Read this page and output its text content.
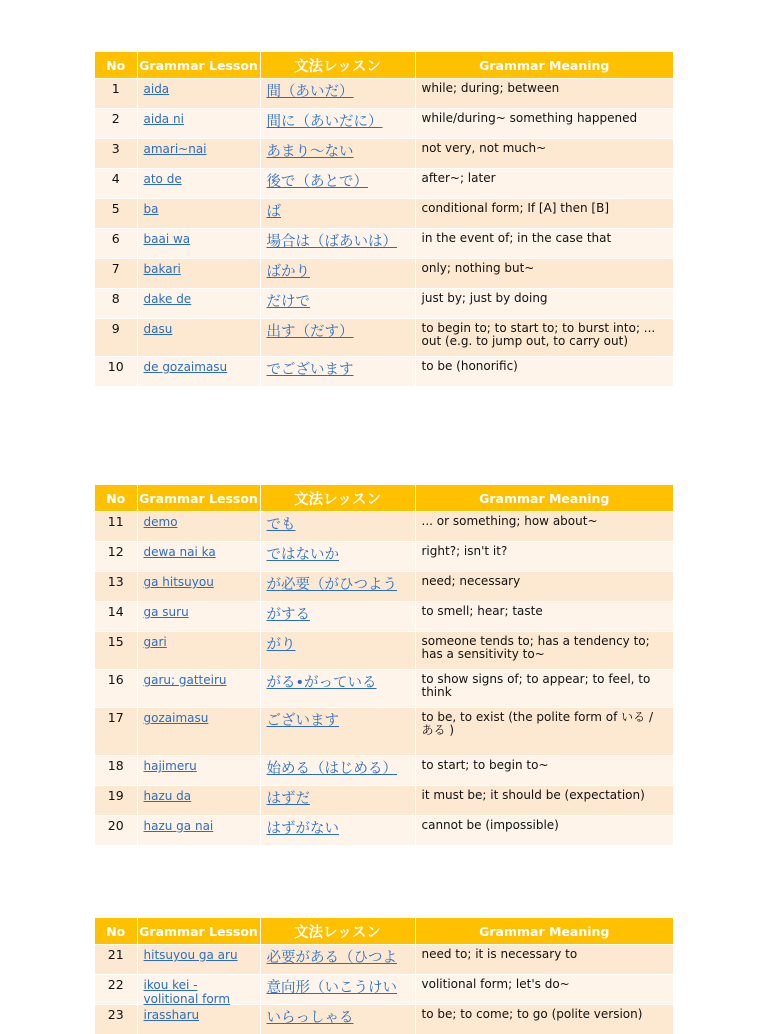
No	Grammar Lesson	文法レッスン	Grammar Meaning
1	aida	間（あいだ）	while; during; between
2	aida ni	間に（あいだに）	while/during~ something happened
3	amari~nai	あまり〜ない	not very, not much~
4	ato de	後で（あとで）	after~; later
5	ba	ば	conditional form; If [A] then [B]
6	baai wa	場合は（ばあいは）	in the event of; in the case that
7	bakari	ばかり	only; nothing but~
8	dake de	だけで	just by; just by doing
9	dasu	出す（だす）	to begin to; to start to; to burst into; ... out (e.g. to jump out, to carry out)
10	de gozaimasu	でございます	to be (honorific)
No	Grammar Lesson	文法レッスン	Grammar Meaning
11	demo	でも	... or something; how about~
12	dewa nai ka	ではないか	right?; isn't it?
13	ga hitsuyou	が必要（がひつよう	need; necessary
14	ga suru	がする	to smell; hear; taste
15	gari	がり	someone tends to; has a tendency to; has a sensitivity to~
16	garu; gatteiru	がる•がっている	to show signs of; to appear; to feel, to think
17	gozaimasu	ございます	to be, to exist (the polite form of いる / ある )
18	hajimeru	始める（はじめる）	to start; to begin to~
19	hazu da	はずだ	it must be; it should be (expectation)
20	hazu ga nai	はずがない	cannot be (impossible)
No	Grammar Lesson	文法レッスン	Grammar Meaning
21	hitsuyou ga aru	必要がある（ひつよ	need to; it is necessary to
22	ikou kei - volitional form	意向形（いこうけい	volitional form; let's do~
23	irassharu	いらっしゃる	to be; to come; to go (polite version)
